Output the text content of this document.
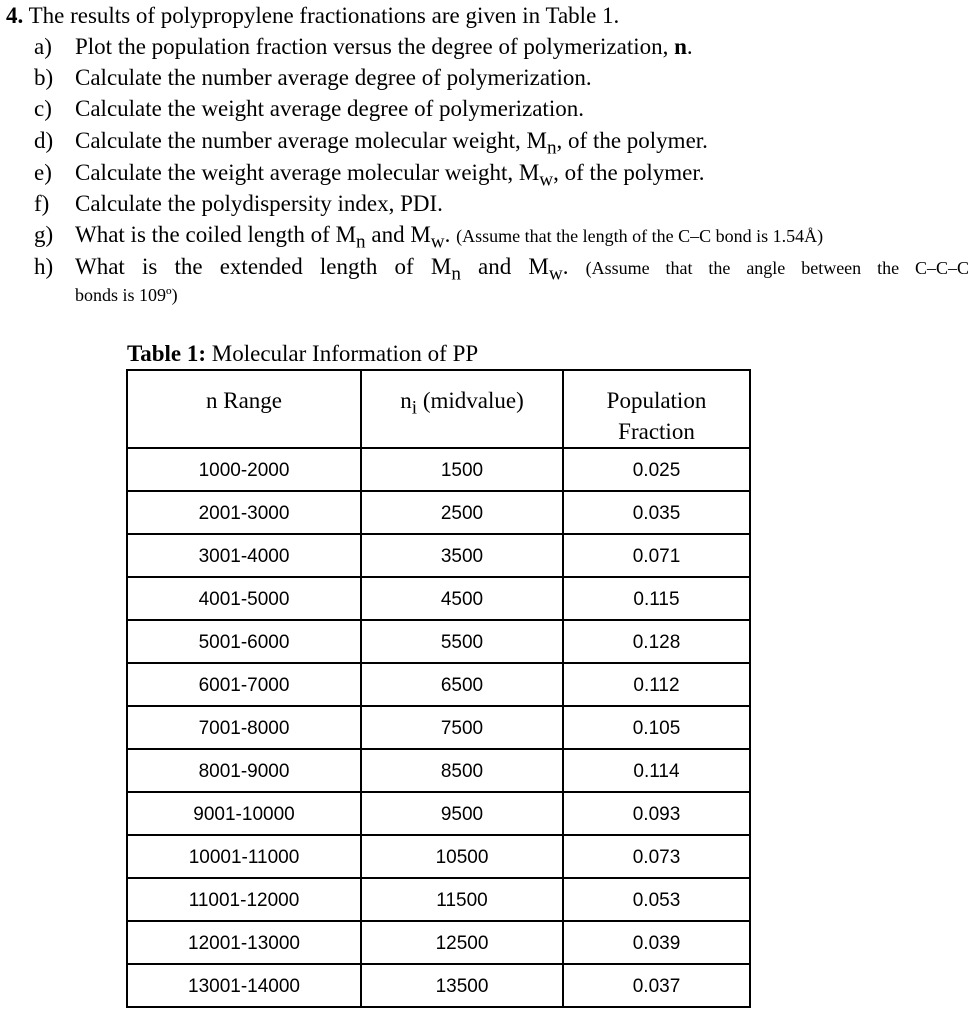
4. The results of polypropylene fractionations are given in Table 1.
a)	Plot the population fraction versus the degree of polymerization, n.
b) Calculate the number average degree of polymerization.
c)	Calculate the weight average degree of polymerization.
d) Calculate the number average molecular weight, $M_n$, of the polymer.
e)	Calculate the weight average molecular weight, $M_w$, of the polymer.
f)	Calculate the polydispersity index, PDI.
g) What is the coiled length of $M_n$ and $M_w$. (Assume that the length of the C–C bond is 1.54Å)
h) What is the extended length of $M_n$ and $M_w$. (Assume that the angle between the C–C–C
bonds is 109º)
Table 1: Molecular Information of PP
n Range	$n_i$ (midvalue)	Population
Fraction
1000-2000	1500	0.025
2001-3000	2500	0.035
3001-4000	3500	0.071
4001-5000	4500	0.115
5001-6000	5500	0.128
6001-7000	6500	0.112
7001-8000	7500	0.105
8001-9000	8500	0.114
9001-10000	9500	0.093
10001-11000	10500	0.073
11001-12000	11500	0.053
12001-13000	12500	0.039
13001-14000	13500	0.037
